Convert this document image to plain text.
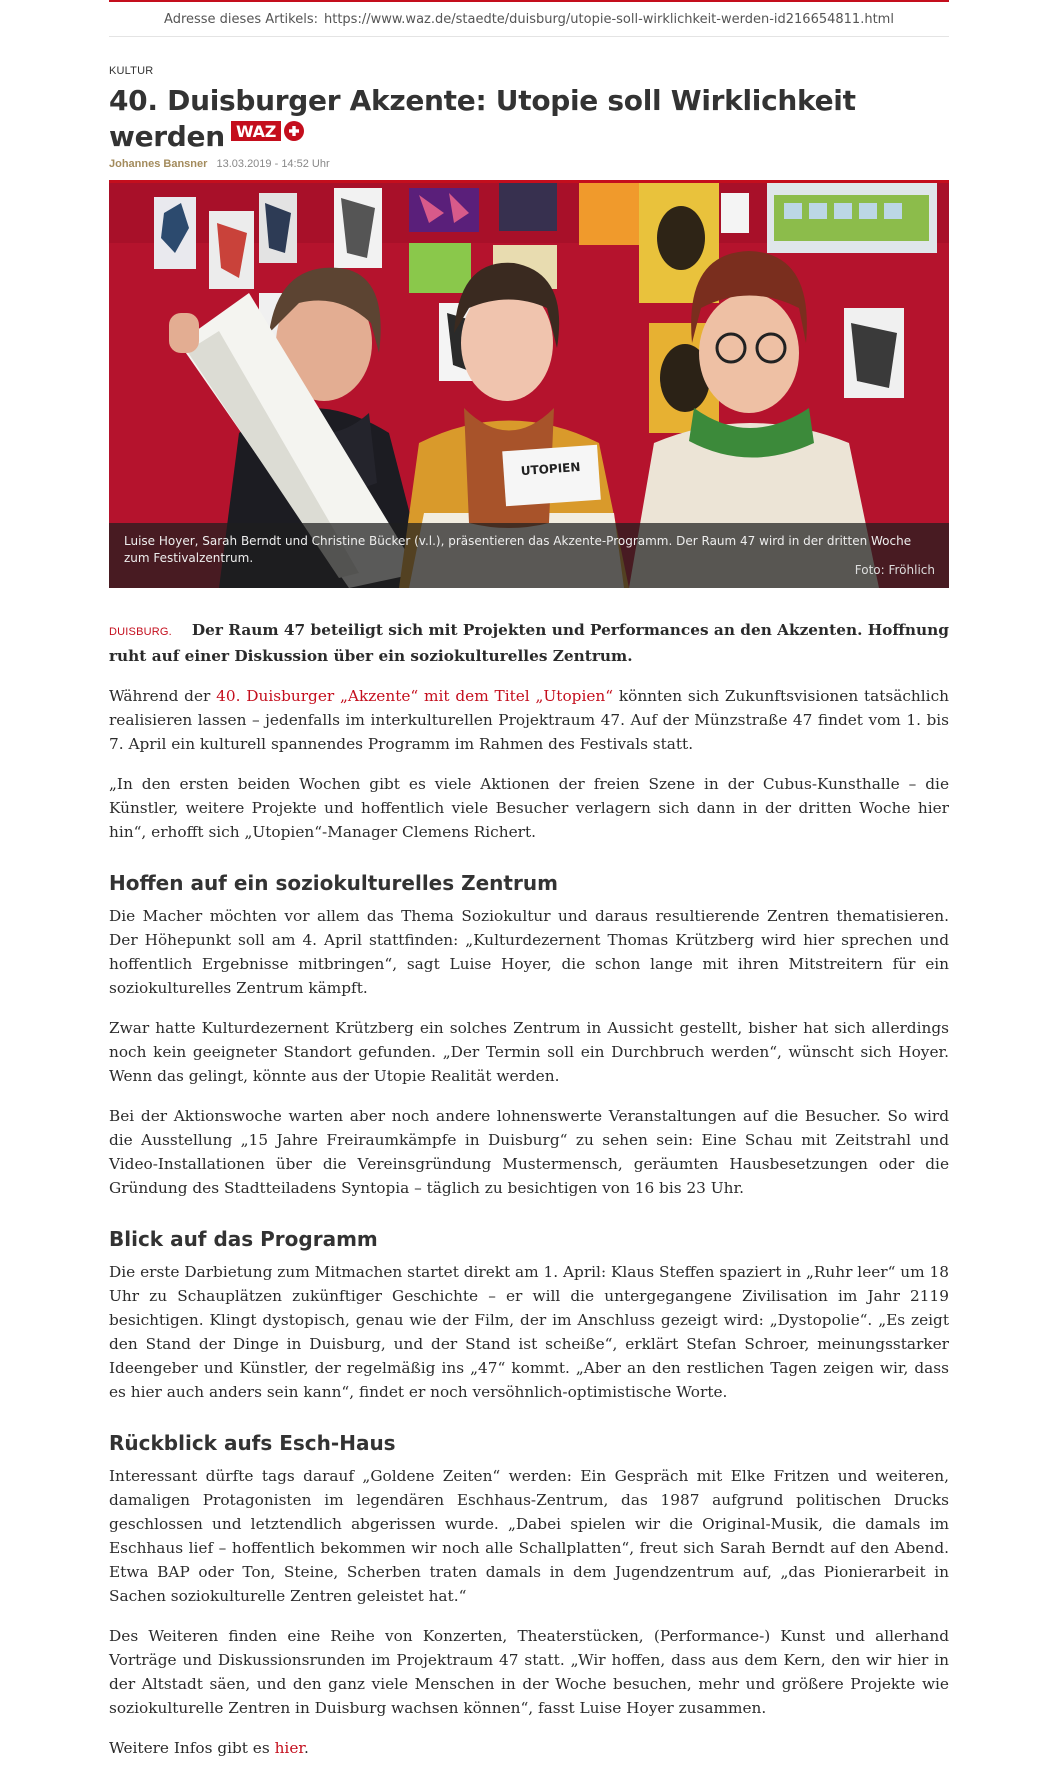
Adresse dieses Artikels: https://www.waz.de/staedte/duisburg/utopie-soll-wirklichkeit-werden-id216654811.html
KULTUR
40. Duisburger Akzente: Utopie soll Wirklichkeit werden WAZ
Johannes Bansner 13.03.2019 - 14:52 Uhr
UTOPIEN
Luise Hoyer, Sarah Berndt und Christine Bücker (v.l.), präsentieren das Akzente-Programm. Der Raum 47 wird in der dritten Woche zum Festivalzentrum.
Foto: Fröhlich

DUISBURG. Der Raum 47 beteiligt sich mit Projekten und Performances an den Akzenten. Hoffnung ruht auf einer Diskussion über ein soziokulturelles Zentrum.

Während der 40. Duisburger „Akzente“ mit dem Titel „Utopien“ könnten sich Zukunftsvisionen tatsächlich realisieren lassen – jedenfalls im interkulturellen Projektraum 47. Auf der Münzstraße 47 findet vom 1. bis 7. April ein kulturell spannendes Programm im Rahmen des Festivals statt.

„In den ersten beiden Wochen gibt es viele Aktionen der freien Szene in der Cubus-Kunsthalle – die Künstler, weitere Projekte und hoffentlich viele Besucher verlagern sich dann in der dritten Woche hier hin“, erhofft sich „Utopien“-Manager Clemens Richert.

Hoffen auf ein soziokulturelles Zentrum

Die Macher möchten vor allem das Thema Soziokultur und daraus resultierende Zentren thematisieren. Der Höhepunkt soll am 4. April stattfinden: „Kulturdezernent Thomas Krützberg wird hier sprechen und hoffentlich Ergebnisse mitbringen“, sagt Luise Hoyer, die schon lange mit ihren Mitstreitern für ein soziokulturelles Zentrum kämpft.

Zwar hatte Kulturdezernent Krützberg ein solches Zentrum in Aussicht gestellt, bisher hat sich allerdings noch kein geeigneter Standort gefunden. „Der Termin soll ein Durchbruch werden“, wünscht sich Hoyer. Wenn das gelingt, könnte aus der Utopie Realität werden.

Bei der Aktionswoche warten aber noch andere lohnenswerte Veranstaltungen auf die Besucher. So wird die Ausstellung „15 Jahre Freiraumkämpfe in Duisburg“ zu sehen sein: Eine Schau mit Zeitstrahl und Video-Installationen über die Vereinsgründung Mustermensch, geräumten Hausbesetzungen oder die Gründung des Stadtteiladens Syntopia – täglich zu besichtigen von 16 bis 23 Uhr.

Blick auf das Programm

Die erste Darbietung zum Mitmachen startet direkt am 1. April: Klaus Steffen spaziert in „Ruhr leer“ um 18 Uhr zu Schauplätzen zukünftiger Geschichte – er will die untergegangene Zivilisation im Jahr 2119 besichtigen. Klingt dystopisch, genau wie der Film, der im Anschluss gezeigt wird: „Dystopolie“. „Es zeigt den Stand der Dinge in Duisburg, und der Stand ist scheiße“, erklärt Stefan Schroer, meinungsstarker Ideengeber und Künstler, der regelmäßig ins „47“ kommt. „Aber an den restlichen Tagen zeigen wir, dass es hier auch anders sein kann“, findet er noch versöhnlich-optimistische Worte.

Rückblick aufs Esch-Haus

Interessant dürfte tags darauf „Goldene Zeiten“ werden: Ein Gespräch mit Elke Fritzen und weiteren, damaligen Protagonisten im legendären Eschhaus-Zentrum, das 1987 aufgrund politischen Drucks geschlossen und letztendlich abgerissen wurde. „Dabei spielen wir die Original-Musik, die damals im Eschhaus lief – hoffentlich bekommen wir noch alle Schallplatten“, freut sich Sarah Berndt auf den Abend. Etwa BAP oder Ton, Steine, Scherben traten damals in dem Jugendzentrum auf, „das Pionierarbeit in Sachen soziokulturelle Zentren geleistet hat.“

Des Weiteren finden eine Reihe von Konzerten, Theaterstücken, (Performance-) Kunst und allerhand Vorträge und Diskussionsrunden im Projektraum 47 statt. „Wir hoffen, dass aus dem Kern, den wir hier in der Altstadt säen, und den ganz viele Menschen in der Woche besuchen, mehr und größere Projekte wie soziokulturelle Zentren in Duisburg wachsen können“, fasst Luise Hoyer zusammen.

Weitere Infos gibt es hier.
